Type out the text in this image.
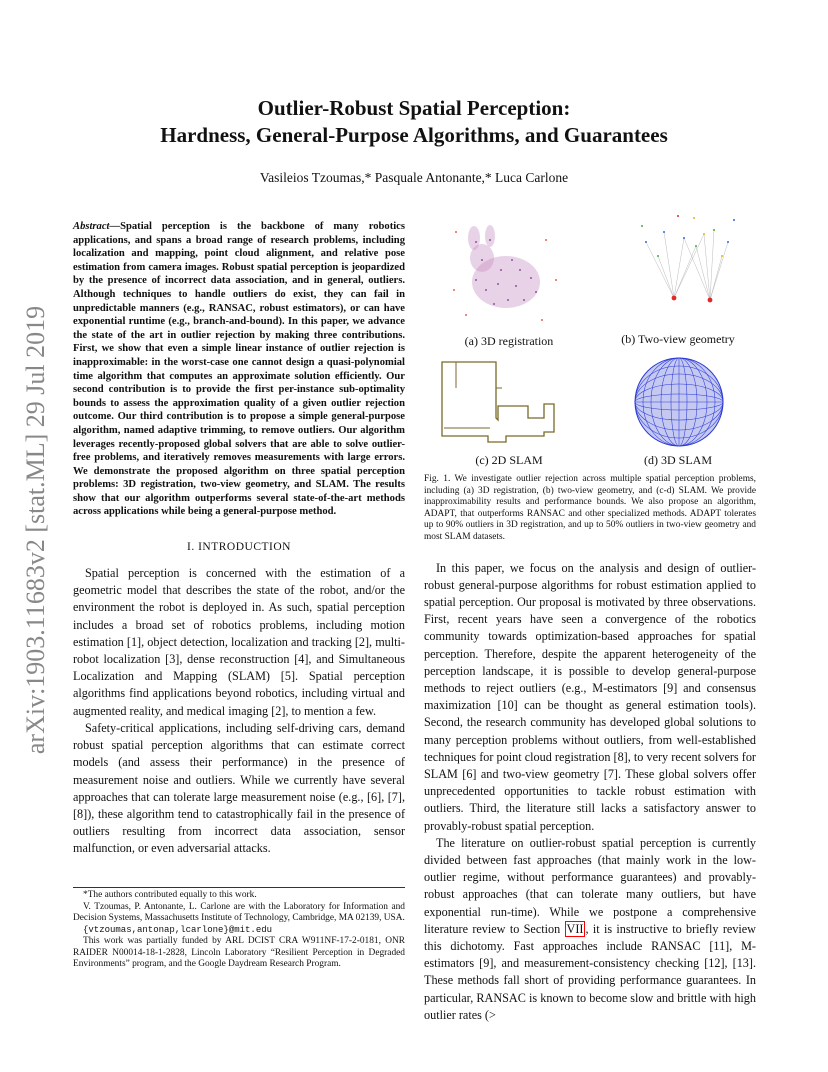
arXiv:1903.11683v2 [stat.ML] 29 Jul 2019
Outlier-Robust Spatial Perception:
Hardness, General-Purpose Algorithms, and Guarantees
Vasileios Tzoumas,* Pasquale Antonante,* Luca Carlone
Abstract—Spatial perception is the backbone of many robotics applications, and spans a broad range of research problems, including localization and mapping, point cloud alignment, and relative pose estimation from camera images. Robust spatial perception is jeopardized by the presence of incorrect data association, and in general, outliers. Although techniques to handle outliers do exist, they can fail in unpredictable manners (e.g., RANSAC, robust estimators), or can have exponential runtime (e.g., branch-and-bound). In this paper, we advance the state of the art in outlier rejection by making three contributions. First, we show that even a simple linear instance of outlier rejection is inapproximable: in the worst-case one cannot design a quasi-polynomial time algorithm that computes an approximate solution efficiently. Our second contribution is to provide the first per-instance sub-optimality bounds to assess the approximation quality of a given outlier rejection outcome. Our third contribution is to propose a simple general-purpose algorithm, named adaptive trimming, to remove outliers. Our algorithm leverages recently-proposed global solvers that are able to solve outlier-free problems, and iteratively removes measurements with large errors. We demonstrate the proposed algorithm on three spatial perception problems: 3D registration, two-view geometry, and SLAM. The results show that our algorithm outperforms several state-of-the-art methods across applications while being a general-purpose method.
I. INTRODUCTION

Spatial perception is concerned with the estimation of a geometric model that describes the state of the robot, and/or the environment the robot is deployed in. As such, spatial perception includes a broad set of robotics problems, including motion estimation [1], object detection, localization and tracking [2], multi-robot localization [3], dense reconstruction [4], and Simultaneous Localization and Mapping (SLAM) [5]. Spatial perception algorithms find applications beyond robotics, including virtual and augmented reality, and medical imaging [2], to mention a few.

Safety-critical applications, including self-driving cars, demand robust spatial perception algorithms that can estimate correct models (and assess their performance) in the presence of measurement noise and outliers. While we currently have several approaches that can tolerate large measurement noise (e.g., [6], [7], [8]), these algorithm tend to catastrophically fail in the presence of outliers resulting from incorrect data association, sensor malfunction, or even adversarial attacks.

*The authors contributed equally to this work.
V. Tzoumas, P. Antonante, L. Carlone are with the Laboratory for Information and Decision Systems, Massachusetts Institute of Technology, Cambridge, MA 02139, USA.
{vtzoumas,antonap,lcarlone}@mit.edu
This work was partially funded by ARL DCIST CRA W911NF-17-2-0181, ONR RAIDER N00014-18-1-2828, Lincoln Laboratory “Resilient Perception in Degraded Environments” program, and the Google Daydream Research Program.
(a) 3D registration	(b) Two-view geometry
(c) 2D SLAM	(d) 3D SLAM
Fig. 1. We investigate outlier rejection across multiple spatial perception problems, including (a) 3D registration, (b) two-view geometry, and (c-d) SLAM. We provide inapproximability results and performance bounds. We also propose an algorithm, ADAPT, that outperforms RANSAC and other specialized methods. ADAPT tolerates up to 90% outliers in 3D registration, and up to 50% outliers in two-view geometry and most SLAM datasets.

In this paper, we focus on the analysis and design of outlier-robust general-purpose algorithms for robust estimation applied to spatial perception. Our proposal is motivated by three observations. First, recent years have seen a convergence of the robotics community towards optimization-based approaches for spatial perception. Therefore, despite the apparent heterogeneity of the perception landscape, it is possible to develop general-purpose methods to reject outliers (e.g., M-estimators [9] and consensus maximization [10] can be thought as general estimation tools). Second, the research community has developed global solutions to many perception problems without outliers, from well-established techniques for point cloud registration [8], to very recent solvers for SLAM [6] and two-view geometry [7]. These global solvers offer unprecedented opportunities to tackle robust estimation with outliers. Third, the literature still lacks a satisfactory answer to provably-robust spatial perception.

The literature on outlier-robust spatial perception is currently divided between fast approaches (that mainly work in the low-outlier regime, without performance guarantees) and provably-robust approaches (that can tolerate many outliers, but have exponential run-time). While we postpone a comprehensive literature review to Section VII , it is instructive to briefly review this dichotomy. Fast approaches include RANSAC [11], M-estimators [9], and measurement-consistency checking [12], [13]. These methods fall short of providing performance guarantees. In particular, RANSAC is known to become slow and brittle with high outlier rates (>
